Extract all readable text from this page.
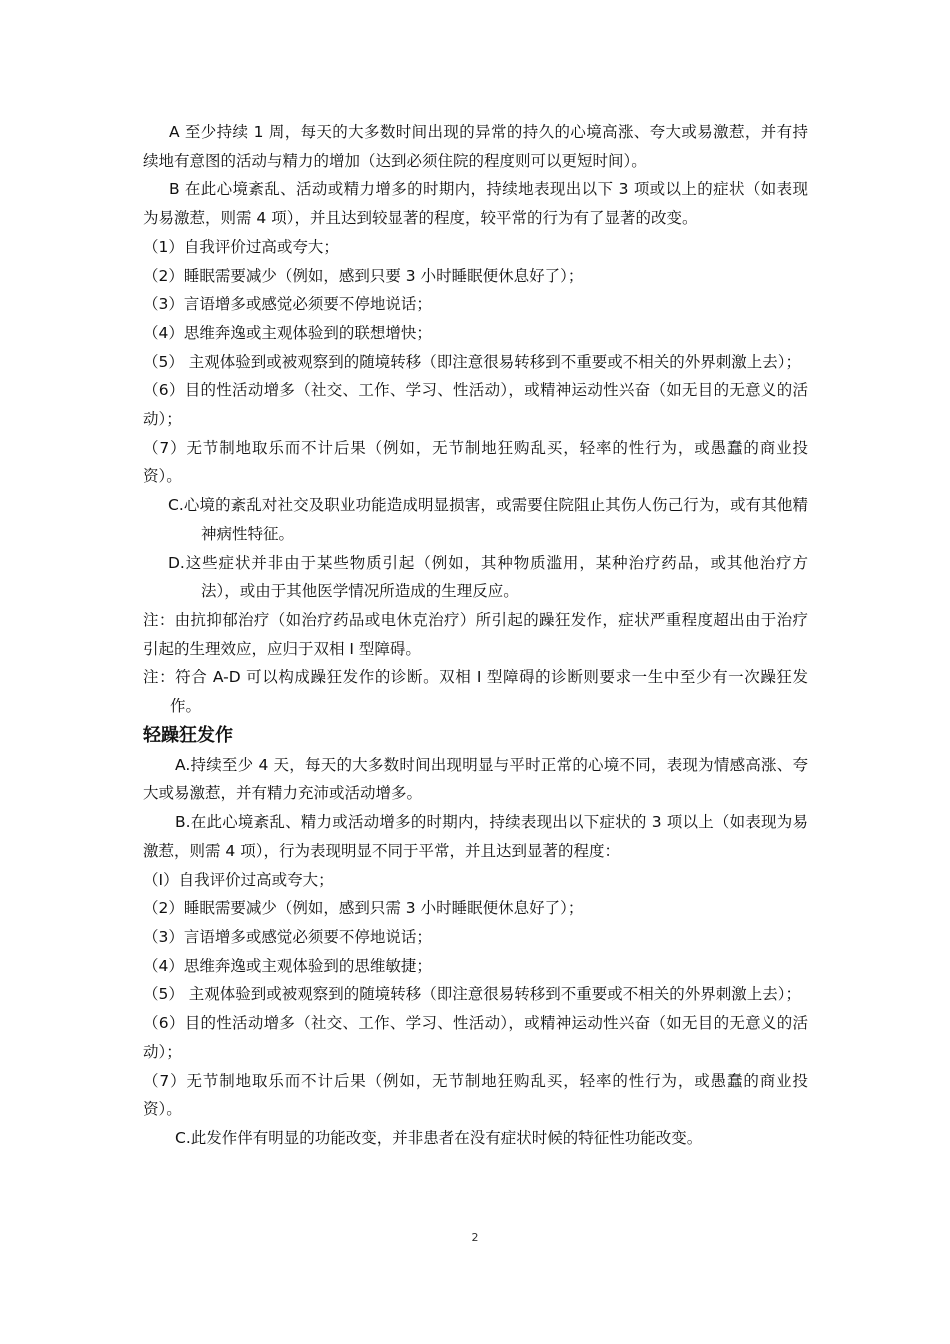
A 至少持续 1 周，每天的大多数时间出现的异常的持久的心境高涨、夸大或易激惹，并有持续地有意图的活动与精力的增加（达到必须住院的程度则可以更短时间）。

B 在此心境紊乱、活动或精力增多的时期内，持续地表现出以下 3 项或以上的症状（如表现为易激惹，则需 4 项），并且达到较显著的程度，较平常的行为有了显著的改变。

（1）自我评价过高或夸大；

（2）睡眠需要减少（例如，感到只要 3 小时睡眠便休息好了）；

（3）言语增多或感觉必须要不停地说话；

（4）思维奔逸或主观体验到的联想增快；

（5） 主观体验到或被观察到的随境转移（即注意很易转移到不重要或不相关的外界刺激上去）；

（6）目的性活动增多（社交、工作、学习、性活动），或精神运动性兴奋（如无目的无意义的活动）；

（7）无节制地取乐而不计后果（例如，无节制地狂购乱买，轻率的性行为，或愚蠢的商业投资）。

C.心境的紊乱对社交及职业功能造成明显损害，或需要住院阻止其伤人伤己行为，或有其他精神病性特征。

D.这些症状并非由于某些物质引起（例如，其种物质滥用，某种治疗药品，或其他治疗方法），或由于其他医学情况所造成的生理反应。

注：由抗抑郁治疗（如治疗药品或电休克治疗）所引起的躁狂发作，症状严重程度超出由于治疗引起的生理效应，应归于双相 I 型障碍。

注：符合 A-D 可以构成躁狂发作的诊断。双相 I 型障碍的诊断则要求一生中至少有一次躁狂发作。

轻躁狂发作

A.持续至少 4 天，每天的大多数时间出现明显与平时正常的心境不同，表现为情感高涨、夸大或易激惹，并有精力充沛或活动增多。

B.在此心境紊乱、精力或活动增多的时期内，持续表现出以下症状的 3 项以上（如表现为易激惹，则需 4 项），行为表现明显不同于平常，并且达到显著的程度：

（I）自我评价过高或夸大；

（2）睡眠需要减少（例如，感到只需 3 小时睡眠便休息好了）；

（3）言语增多或感觉必须要不停地说话；

（4）思维奔逸或主观体验到的思维敏捷；

（5） 主观体验到或被观察到的随境转移（即注意很易转移到不重要或不相关的外界刺激上去）；

（6）目的性活动增多（社交、工作、学习、性活动），或精神运动性兴奋（如无目的无意义的活动）；

（7）无节制地取乐而不计后果（例如，无节制地狂购乱买，轻率的性行为，或愚蠢的商业投资）。

C.此发作伴有明显的功能改变，并非患者在没有症状时候的特征性功能改变。

2
